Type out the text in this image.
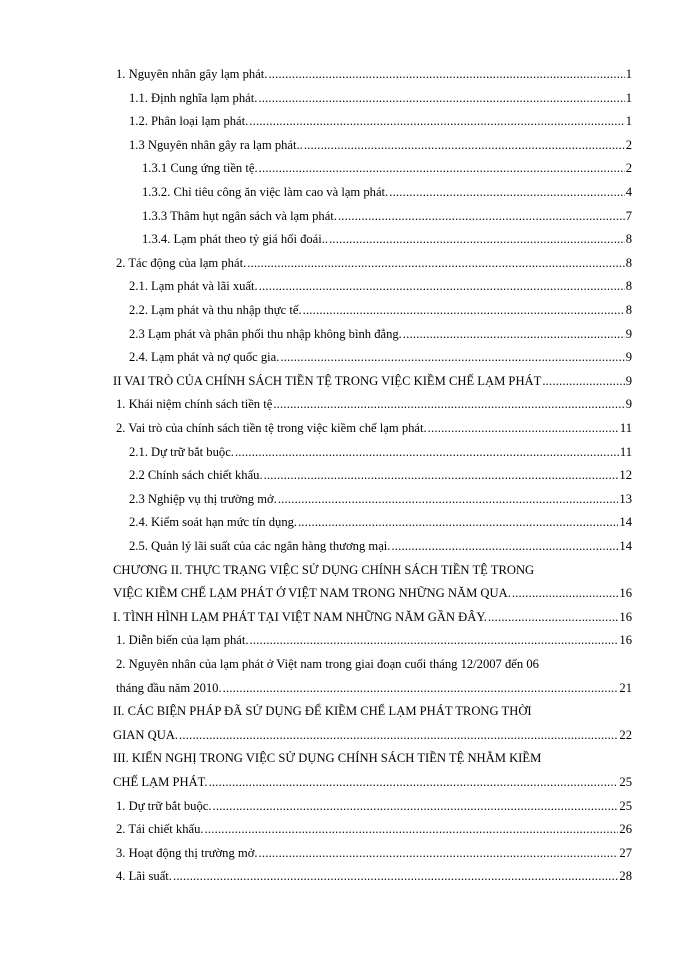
1. Nguyên nhân gây lạm phát. .....	1
1.1. Định nghĩa lạm phát. .....	1
1.2. Phân loại lạm phát. .....	1
1.3 Nguyên nhân gây ra lạm phát.. .....	2
1.3.1 Cung ứng tiền tệ. .....	2
1.3.2. Chỉ tiêu công ăn việc làm cao và lạm phát. .....	4
1.3.3 Thâm hụt ngân sách và lạm phát. .....	7
1.3.4. Lạm phát theo tỷ giá hối đoái.. .....	8
2. Tác động của lạm phát. .....	8
2.1. Lạm phát và lãi xuất. .....	8
2.2. Lạm phát và thu nhập thực tế. .....	8
2.3 Lạm phát và phân phối thu nhập không bình đẳng. .....	9
2.4. Lạm phát và nợ quốc gia. .....	9
II VAI TRÒ CỦA CHÍNH SÁCH TIỀN TỆ TRONG VIỆC KIỀM CHẾ LẠM PHÁT .....	9
1. Khái niệm chính sách tiền tệ .....	9
2. Vai trò của chính sách tiền tệ trong việc kiềm chế lạm phát. .....	11
2.1. Dự trữ bắt buộc. .....	11
2.2 Chính sách chiết khấu. .....	12
2.3 Nghiệp vụ thị trường mở. .....	13
2.4. Kiểm soát hạn mức tín dụng. .....	14
2.5. Quản lý lãi suất của các ngân hàng thương mại. .....	14
CHƯƠNG II. THỰC TRẠNG VIỆC SỬ DỤNG CHÍNH SÁCH TIỀN TỆ TRONG
VIỆC KIỀM CHẾ LẠM PHÁT Ở VIỆT NAM TRONG NHỮNG NĂM QUA. .....	16
I. TÌNH HÌNH LẠM PHÁT TẠI VIỆT NAM NHỮNG NĂM GẦN ĐÂY. .....	16
1. Diễn biến của lạm phát. .....	16
2. Nguyên nhân của lạm phát ở Việt nam trong giai đoạn cuối tháng 12/2007 đến 06
tháng đầu năm 2010. .....	21
II. CÁC BIỆN PHÁP ĐÃ SỬ DỤNG ĐỂ KIỀM CHẾ LẠM PHÁT TRONG THỜI
GIAN QUA. .....	22
III. KIẾN NGHỊ TRONG VIỆC SỬ DỤNG CHÍNH SÁCH TIỀN TỆ NHẰM KIỀM
CHẾ LẠM PHÁT. .....	25
1. Dự trữ bắt buộc. .....	25
2. Tái chiết khấu. .....	26
3. Hoạt động thị trường mở. .....	27
4. Lãi suất. .....	28
